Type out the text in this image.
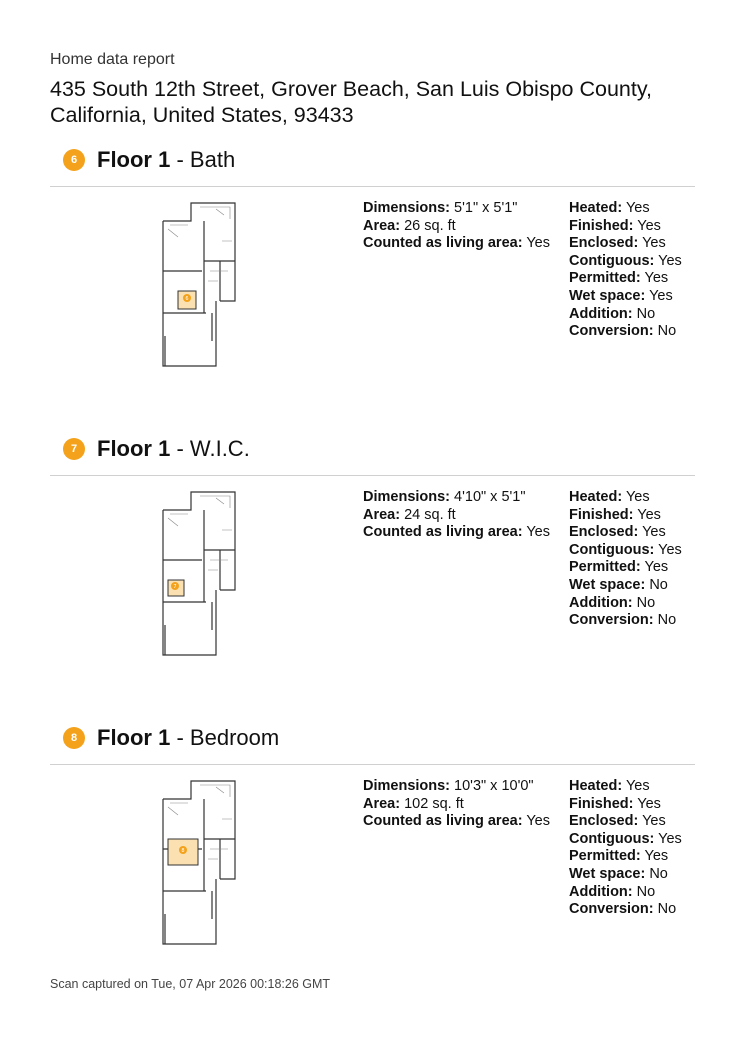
Home data report
435 South 12th Street, Grover Beach, San Luis Obispo County, California, United States, 93433
6 Floor 1 - Bath
6
Dimensions: 5'1" x 5'1"
Area: 26 sq. ft
Counted as living area: Yes
Heated: Yes
Finished: Yes
Enclosed: Yes
Contiguous: Yes
Permitted: Yes
Wet space: Yes
Addition: No
Conversion: No
7 Floor 1 - W.I.C.
7
Dimensions: 4'10" x 5'1"
Area: 24 sq. ft
Counted as living area: Yes
Heated: Yes
Finished: Yes
Enclosed: Yes
Contiguous: Yes
Permitted: Yes
Wet space: No
Addition: No
Conversion: No
8 Floor 1 - Bedroom
8
Dimensions: 10'3" x 10'0"
Area: 102 sq. ft
Counted as living area: Yes
Heated: Yes
Finished: Yes
Enclosed: Yes
Contiguous: Yes
Permitted: Yes
Wet space: No
Addition: No
Conversion: No
Scan captured on Tue, 07 Apr 2026 00:18:26 GMT
